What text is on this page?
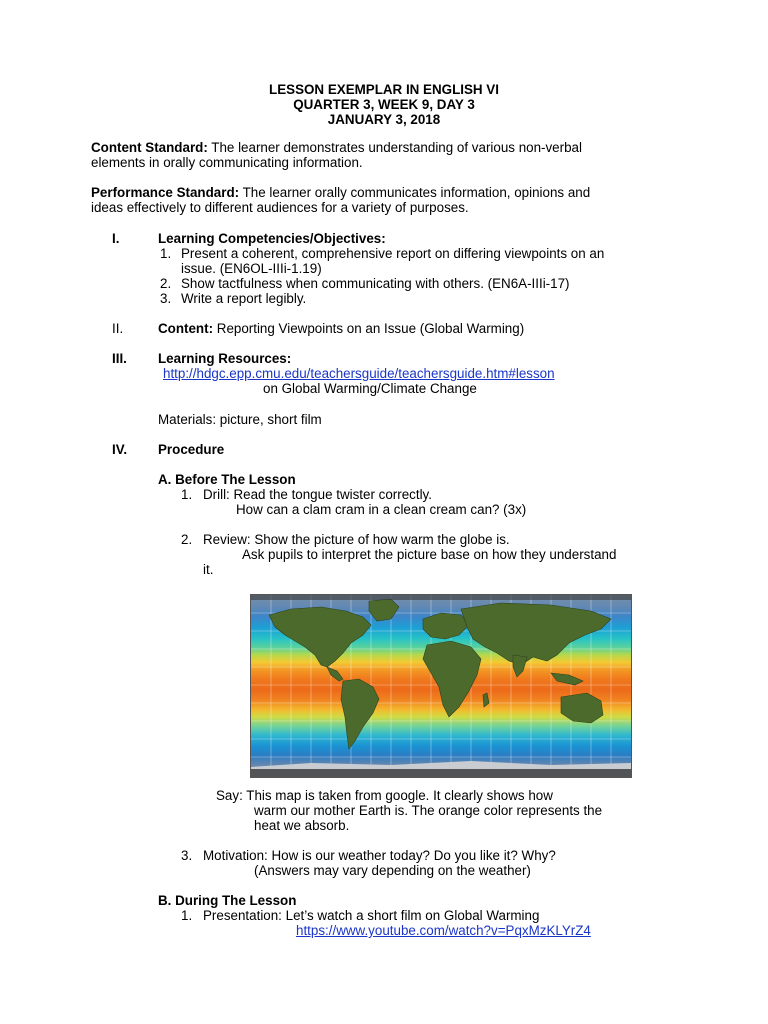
LESSON EXEMPLAR IN ENGLISH VI
QUARTER 3, WEEK 9, DAY 3
JANUARY 3, 2018
Content Standard: The learner demonstrates understanding of various non-verbal
elements in orally communicating information.
Performance Standard: The learner orally communicates information, opinions and
ideas effectively to different audiences for a variety of purposes.
I.	Learning Competencies/Objectives:
1. Present a coherent, comprehensive report on differing viewpoints on an
issue. (EN6OL-IIIi-1.19)
2. Show tactfulness when communicating with others. (EN6A-IIIi-17)
3. Write a report legibly.
II.	Content: Reporting Viewpoints on an Issue (Global Warming)
III. Learning Resources:
http://hdgc.epp.cmu.edu/teachersguide/teachersguide.htm#lesson
on Global Warming/Climate Change
Materials: picture, short film
IV. Procedure
A. Before The Lesson
1. Drill: Read the tongue twister correctly.
How can a clam cram in a clean cream can? (3x)
2. Review: Show the picture of how warm the globe is.
Ask pupils to interpret the picture base on how they understand
it.
Say: This map is taken from google. It clearly shows how
warm our mother Earth is. The orange color represents the
heat we absorb.
3. Motivation: How is our weather today? Do you like it? Why?
(Answers may vary depending on the weather)
B. During The Lesson
1. Presentation: Let’s watch a short film on Global Warming
https://www.youtube.com/watch?v=PqxMzKLYrZ4
